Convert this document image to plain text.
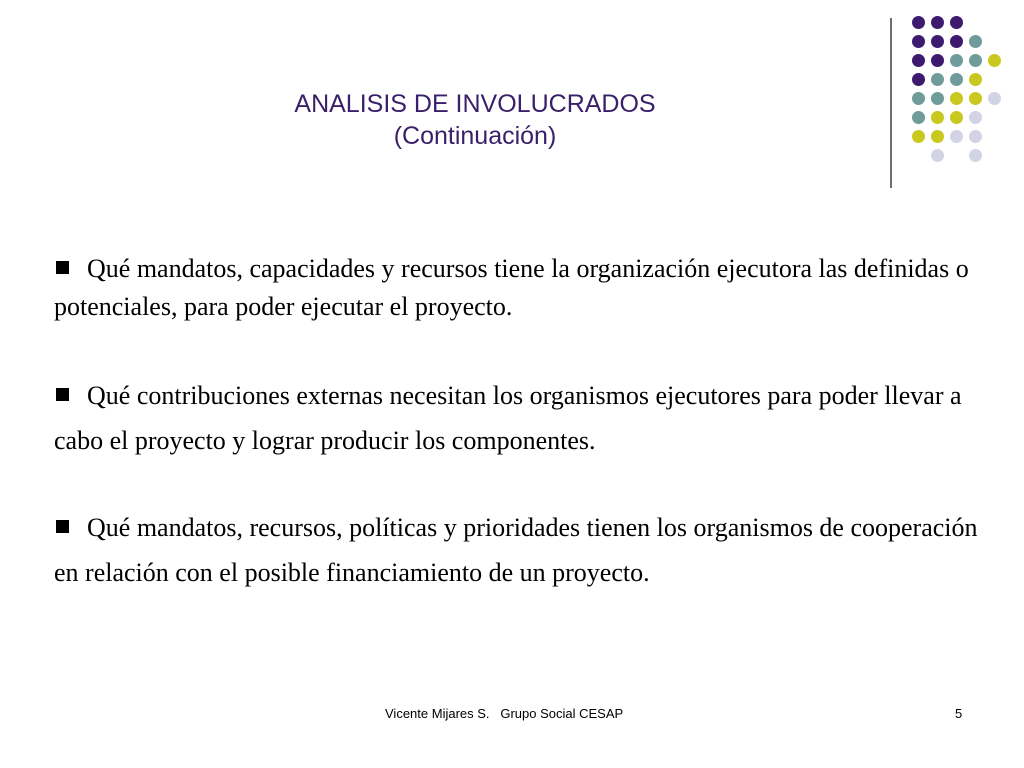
ANALISIS DE INVOLUCRADOS
(Continuación)

Qué mandatos, capacidades y recursos tiene la organización ejecutora las definidas o potenciales, para poder ejecutar el proyecto.

Qué contribuciones externas necesitan los organismos ejecutores para poder llevar a cabo el proyecto y lograr producir los componentes.

Qué mandatos, recursos, políticas y prioridades tienen los organismos de cooperación en relación con el posible financiamiento de un proyecto.

Vicente Mijares S.   Grupo Social CESAP	5
